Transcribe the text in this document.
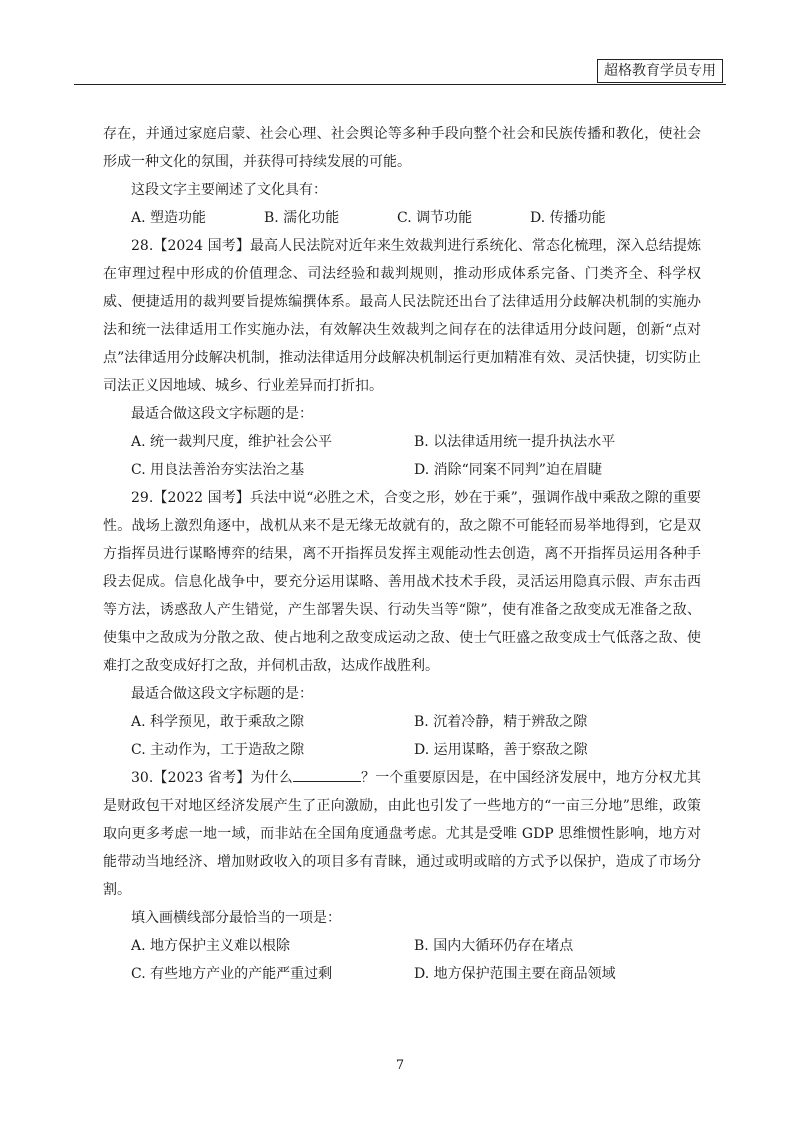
超格教育学员专用

存在，并通过家庭启蒙、社会心理、社会舆论等多种手段向整个社会和民族传播和教化，使社会形成一种文化的氛围，并获得可持续发展的可能。

这段文字主要阐述了文化具有：

A. 塑造功能	B. 濡化功能	C. 调节功能	D. 传播功能

28.【2024 国考】最高人民法院对近年来生效裁判进行系统化、常态化梳理，深入总结提炼在审理过程中形成的价值理念、司法经验和裁判规则，推动形成体系完备、门类齐全、科学权威、便捷适用的裁判要旨提炼编撰体系。最高人民法院还出台了法律适用分歧解决机制的实施办法和统一法律适用工作实施办法，有效解决生效裁判之间存在的法律适用分歧问题，创新“点对点”法律适用分歧解决机制，推动法律适用分歧解决机制运行更加精准有效、灵活快捷，切实防止司法正义因地域、城乡、行业差异而打折扣。

最适合做这段文字标题的是：

A. 统一裁判尺度，维护社会公平	B. 以法律适用统一提升执法水平
C. 用良法善治夯实法治之基	D. 消除“同案不同判”迫在眉睫

29.【2022 国考】兵法中说“必胜之术，合变之形，妙在于乘”，强调作战中乘敌之隙的重要性。战场上激烈角逐中，战机从来不是无缘无故就有的，敌之隙不可能轻而易举地得到，它是双方指挥员进行谋略博弈的结果，离不开指挥员发挥主观能动性去创造，离不开指挥员运用各种手段去促成。信息化战争中，要充分运用谋略、善用战术技术手段，灵活运用隐真示假、声东击西等方法，诱惑敌人产生错觉，产生部署失误、行动失当等“隙”，使有准备之敌变成无准备之敌、使集中之敌成为分散之敌、使占地利之敌变成运动之敌、使士气旺盛之敌变成士气低落之敌、使难打之敌变成好打之敌，并伺机击敌，达成作战胜利。

最适合做这段文字标题的是：

A. 科学预见，敢于乘敌之隙	B. 沉着冷静，精于辨敌之隙
C. 主动作为，工于造敌之隙	D. 运用谋略，善于察敌之隙

30.【2023 省考】为什么	？一个重要原因是，在中国经济发展中，地方分权尤其是财政包干对地区经济发展产生了正向激励，由此也引发了一些地方的“一亩三分地”思维，政策取向更多考虑一地一域，而非站在全国角度通盘考虑。尤其是受唯 GDP 思维惯性影响，地方对能带动当地经济、增加财政收入的项目多有青睐，通过或明或暗的方式予以保护，造成了市场分割。

填入画横线部分最恰当的一项是：

A. 地方保护主义难以根除	B. 国内大循环仍存在堵点
C. 有些地方产业的产能严重过剩	D. 地方保护范围主要在商品领域
7
